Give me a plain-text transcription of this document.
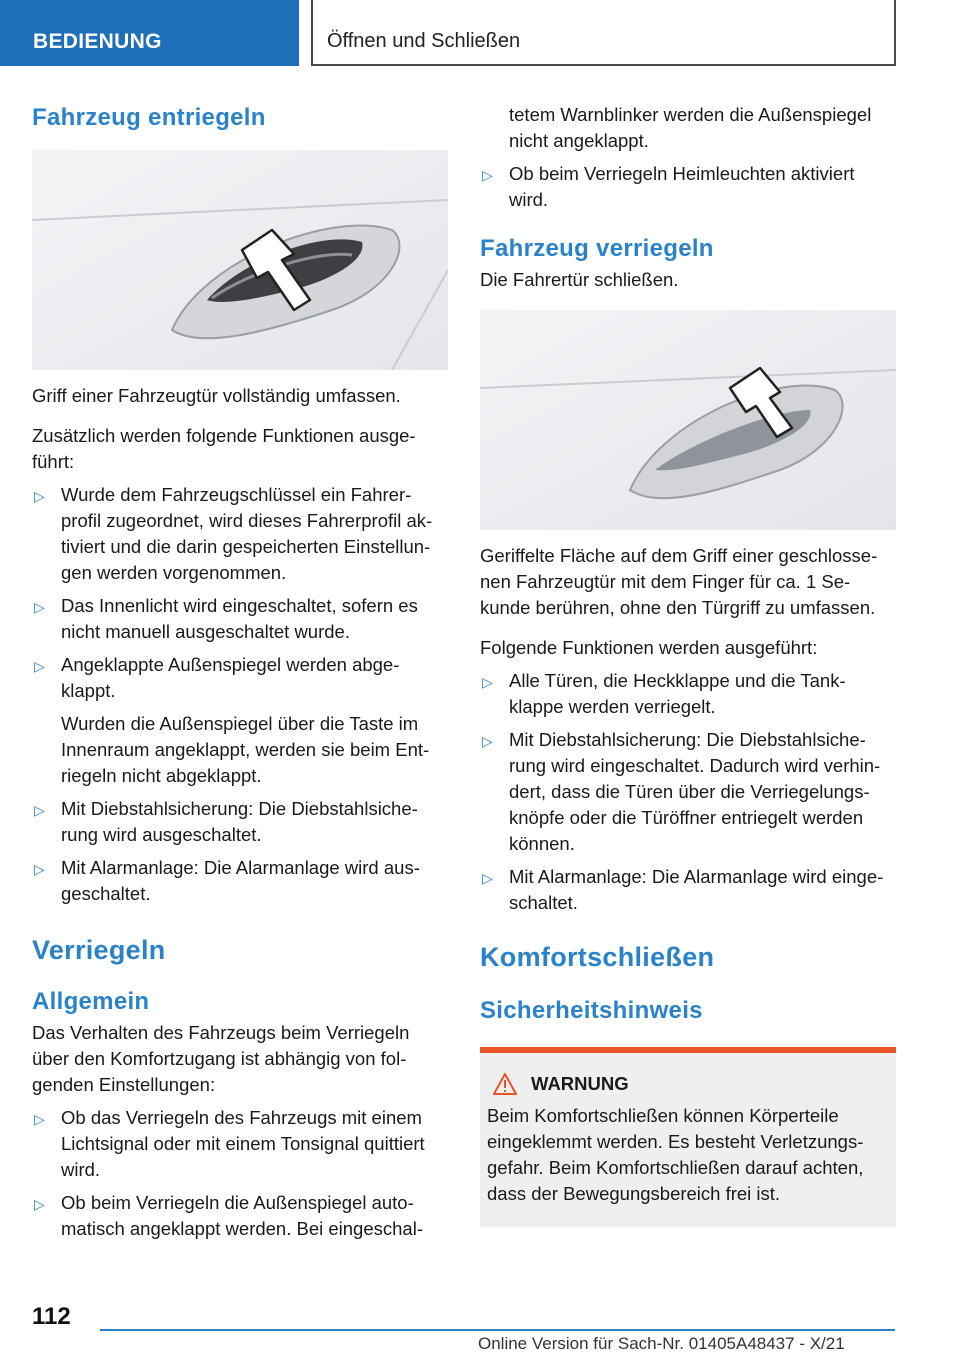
BEDIENUNG	Öffnen und Schließen
Fahrzeug entriegeln

Griff einer Fahrzeugtür vollständig umfassen.

Zusätzlich werden folgende Funktionen ausge‐führt:

▷ Wurde dem Fahrzeugschlüssel ein Fahrer‐profil zugeordnet, wird dieses Fahrerprofil ak‐tiviert und die darin gespeicherten Einstellun‐gen werden vorgenommen.
▷ Das Innenlicht wird eingeschaltet, sofern es nicht manuell ausgeschaltet wurde.
▷ Angeklappte Außenspiegel werden abge‐klappt.

Wurden die Außenspiegel über die Taste im Innenraum angeklappt, werden sie beim Ent‐riegeln nicht abgeklappt.

▷ Mit Diebstahlsicherung: Die Diebstahlsiche‐rung wird ausgeschaltet.
▷ Mit Alarmanlage: Die Alarmanlage wird aus‐geschaltet.
Verriegeln
Allgemein

Das Verhalten des Fahrzeugs beim Verriegeln über den Komfortzugang ist abhängig von fol‐genden Einstellungen:

▷ Ob das Verriegeln des Fahrzeugs mit einem Lichtsignal oder mit einem Tonsignal quittiert wird.
▷ Ob beim Verriegeln die Außenspiegel auto‐matisch angeklappt werden. Bei eingeschal‐
tetem Warnblinker werden die Außenspiegel nicht angeklappt.
▷ Ob beim Verriegeln Heimleuchten aktiviert wird.
Fahrzeug verriegeln

Die Fahrertür schließen.

Geriffelte Fläche auf dem Griff einer geschlosse‐nen Fahrzeugtür mit dem Finger für ca. 1 Se‐kunde berühren, ohne den Türgriff zu umfassen.

Folgende Funktionen werden ausgeführt:

▷ Alle Türen, die Heckklappe und die Tank‐klappe werden verriegelt.
▷ Mit Diebstahlsicherung: Die Diebstahlsiche‐rung wird eingeschaltet. Dadurch wird verhin‐dert, dass die Türen über die Verriegelungs‐knöpfe oder die Türöffner entriegelt werden können.
▷ Mit Alarmanlage: Die Alarmanlage wird einge‐schaltet.
Komfortschließen
Sicherheitshinweis
WARNUNG

Beim Komfortschließen können Körperteile eingeklemmt werden. Es besteht Verletzungs‐gefahr. Beim Komfortschließen darauf achten, dass der Bewegungsbereich frei ist.

112
Online Version für Sach-Nr. 01405A48437 - X/21
